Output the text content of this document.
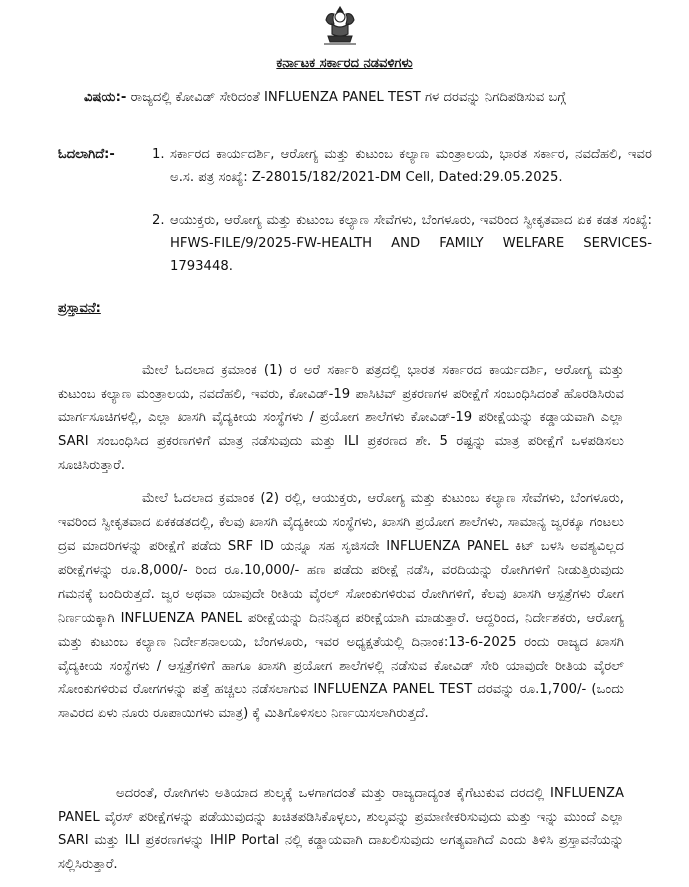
ಕರ್ನಾಟಕ ಸರ್ಕಾರದ ನಡವಳಿಗಳು
ವಿಷಯ:- ರಾಜ್ಯದಲ್ಲಿ ಕೋವಿಡ್ ಸೇರಿದಂತೆ INFLUENZA PANEL TEST ಗಳ ದರವನ್ನು ನಿಗದಿಪಡಿಸುವ ಬಗ್ಗೆ
ಓದಲಾಗಿದೆ:-	1. ಸರ್ಕಾರದ ಕಾರ್ಯದರ್ಶಿ, ಆರೋಗ್ಯ ಮತ್ತು ಕುಟುಂಬ ಕಲ್ಯಾಣ ಮಂತ್ರಾಲಯ, ಭಾರತ ಸರ್ಕಾರ, ನವದೆಹಲಿ, ಇವರ ಅ.ಸ. ಪತ್ರ ಸಂಖ್ಯೆ: Z-28015/182/2021-DM Cell, Dated:29.05.2025.
2. ಆಯುಕ್ತರು, ಆರೋಗ್ಯ ಮತ್ತು ಕುಟುಂಬ ಕಲ್ಯಾಣ ಸೇವೆಗಳು, ಬೆಂಗಳೂರು, ಇವರಿಂದ ಸ್ವೀಕೃತವಾದ ಏಕ ಕಡತ ಸಂಖ್ಯೆ: HFWS-FILE/9/2025-FW-HEALTH AND FAMILY WELFARE SERVICES- 1793448.
ಪ್ರಸ್ತಾವನೆ:

ಮೇಲೆ ಓದಲಾದ ಕ್ರಮಾಂಕ (1) ರ ಅರೆ ಸರ್ಕಾರಿ ಪತ್ರದಲ್ಲಿ ಭಾರತ ಸರ್ಕಾರದ ಕಾರ್ಯದರ್ಶಿ, ಆರೋಗ್ಯ ಮತ್ತು ಕುಟುಂಬ ಕಲ್ಯಾಣ ಮಂತ್ರಾಲಯ, ನವದೆಹಲಿ, ಇವರು, ಕೋವಿಡ್-19 ಪಾಸಿಟಿವ್ ಪ್ರಕರಣಗಳ ಪರೀಕ್ಷೆಗೆ ಸಂಬಂಧಿಸಿದಂತೆ ಹೊರಡಿಸಿರುವ ಮಾರ್ಗಸೂಚಿಗಳಲ್ಲಿ, ಎಲ್ಲಾ ಖಾಸಗಿ ವೈದ್ಯಕೀಯ ಸಂಸ್ಥೆಗಳು / ಪ್ರಯೋಗ ಶಾಲೆಗಳು ಕೋವಿಡ್-19 ಪರೀಕ್ಷೆಯನ್ನು ಕಡ್ಡಾಯವಾಗಿ ಎಲ್ಲಾ SARI ಸಂಬಂಧಿಸಿದ ಪ್ರಕರಣಗಳಿಗೆ ಮಾತ್ರ ನಡೆಸುವುದು ಮತ್ತು ILI ಪ್ರಕರಣದ ಶೇ. 5 ರಷ್ಟನ್ನು ಮಾತ್ರ ಪರೀಕ್ಷೆಗೆ ಒಳಪಡಿಸಲು ಸೂಚಿಸಿರುತ್ತಾರೆ.

ಮೇಲೆ ಓದಲಾದ ಕ್ರಮಾಂಕ (2) ರಲ್ಲಿ, ಆಯುಕ್ತರು, ಆರೋಗ್ಯ ಮತ್ತು ಕುಟುಂಬ ಕಲ್ಯಾಣ ಸೇವೆಗಳು, ಬೆಂಗಳೂರು, ಇವರಿಂದ ಸ್ವೀಕೃತವಾದ ಏಕಕಡತದಲ್ಲಿ, ಕೆಲವು ಖಾಸಗಿ ವೈದ್ಯಕೀಯ ಸಂಸ್ಥೆಗಳು, ಖಾಸಗಿ ಪ್ರಯೋಗ ಶಾಲೆಗಳು, ಸಾಮಾನ್ಯ ಜ್ವರಕ್ಕೂ ಗಂಟಲು ದ್ರವ ಮಾದರಿಗಳನ್ನು ಪರೀಕ್ಷೆಗೆ ಪಡೆದು SRF ID ಯನ್ನೂ ಸಹ ಸೃಜಿಸದೇ INFLUENZA PANEL ಕಿಟ್ ಬಳಸಿ ಅವಶ್ಯವಿಲ್ಲದ ಪರೀಕ್ಷೆಗಳನ್ನು ರೂ.8,000/- ರಿಂದ ರೂ.10,000/- ಹಣ ಪಡೆದು ಪರೀಕ್ಷೆ ನಡೆಸಿ, ವರದಿಯನ್ನು ರೋಗಿಗಳಿಗೆ ನೀಡುತ್ತಿರುವುದು ಗಮನಕ್ಕೆ ಬಂದಿರುತ್ತದೆ. ಜ್ವರ ಅಥವಾ ಯಾವುದೇ ರೀತಿಯ ವೈರಲ್ ಸೋಂಕುಗಳಿರುವ ರೋಗಿಗಳಿಗೆ, ಕೆಲವು ಖಾಸಗಿ ಆಸ್ಪತ್ರೆಗಳು ರೋಗ ನಿರ್ಣಯಕ್ಕಾಗಿ INFLUENZA PANEL ಪರೀಕ್ಷೆಯನ್ನು ದಿನನಿತ್ಯದ ಪರೀಕ್ಷೆಯಾಗಿ ಮಾಡುತ್ತಾರೆ. ಆದ್ದರಿಂದ, ನಿರ್ದೇಶಕರು, ಆರೋಗ್ಯ ಮತ್ತು ಕುಟುಂಬ ಕಲ್ಯಾಣ ನಿರ್ದೇಶನಾಲಯ, ಬೆಂಗಳೂರು, ಇವರ ಅಧ್ಯಕ್ಷತೆಯಲ್ಲಿ ದಿನಾಂಕ:13-6-2025 ರಂದು ರಾಜ್ಯದ ಖಾಸಗಿ ವೈದ್ಯಕೀಯ ಸಂಸ್ಥೆಗಳು / ಆಸ್ಪತ್ರೆಗಳಿಗೆ ಹಾಗೂ ಖಾಸಗಿ ಪ್ರಯೋಗ ಶಾಲೆಗಳಲ್ಲಿ ನಡೆಸುವ ಕೋವಿಡ್ ಸೇರಿ ಯಾವುದೇ ರೀತಿಯ ವೈರಲ್ ಸೋಂಕುಗಳಿರುವ ರೋಗಗಳನ್ನು ಪತ್ತೆ ಹಚ್ಚಲು ನಡೆಸಲಾಗುವ INFLUENZA PANEL TEST ದರವನ್ನು ರೂ.1,700/- (ಒಂದು ಸಾವಿರದ ಏಳು ನೂರು ರೂಪಾಯಿಗಳು ಮಾತ್ರ) ಕ್ಕೆ ಮಿತಿಗೊಳಿಸಲು ನಿರ್ಣಯಿಸಲಾಗಿರುತ್ತದೆ.

ಅದರಂತೆ, ರೋಗಿಗಳು ಅತಿಯಾದ ಶುಲ್ಕಕ್ಕೆ ಒಳಗಾಗದಂತೆ ಮತ್ತು ರಾಜ್ಯದಾದ್ಯಂತ ಕೈಗೆಟುಕುವ ದರದಲ್ಲಿ INFLUENZA PANEL ವೈರಸ್ ಪರೀಕ್ಷೆಗಳನ್ನು ಪಡೆಯುವುದನ್ನು ಖಚಿತಪಡಿಸಿಕೊಳ್ಳಲು, ಶುಲ್ಕವನ್ನು ಪ್ರಮಾಣೀಕರಿಸುವುದು ಮತ್ತು ಇನ್ನು ಮುಂದೆ ಎಲ್ಲಾ SARI ಮತ್ತು ILI ಪ್ರಕರಣಗಳನ್ನು IHIP Portal ನಲ್ಲಿ ಕಡ್ಡಾಯವಾಗಿ ದಾಖಲಿಸುವುದು ಅಗತ್ಯವಾಗಿದೆ ಎಂದು ತಿಳಿಸಿ ಪ್ರಸ್ತಾವನೆಯನ್ನು ಸಲ್ಲಿಸಿರುತ್ತಾರೆ.
